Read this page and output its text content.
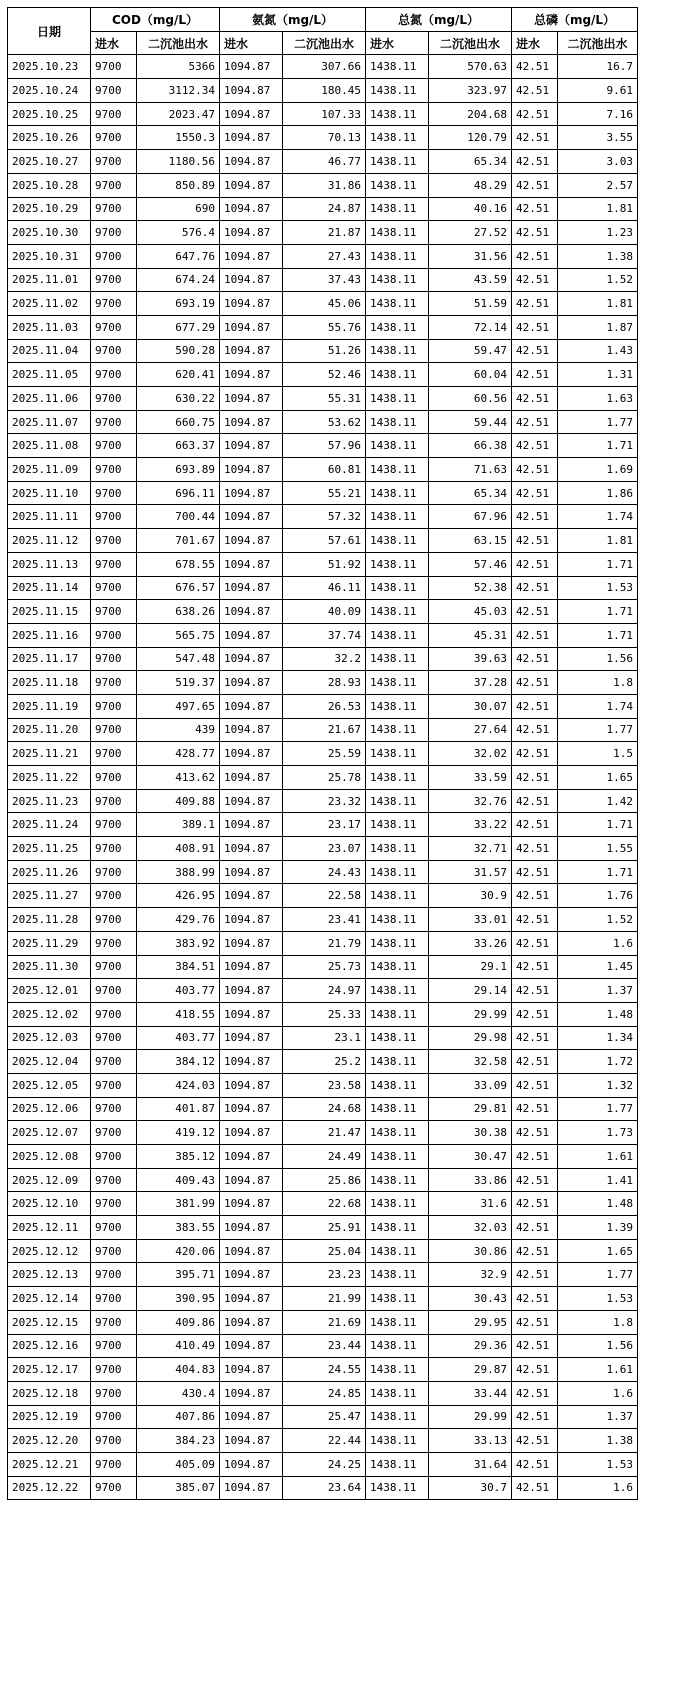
日期	COD（mg/L）		氨氮（mg/L）		总氮（mg/L）		总磷（mg/L）	
	进水	二沉池出水	进水	二沉池出水	进水	二沉池出水	进水	二沉池出水
2025.10.23	9700	5366	1094.87	307.66	1438.11	570.63	42.51	16.7
2025.10.24	9700	3112.34	1094.87	180.45	1438.11	323.97	42.51	9.61
2025.10.25	9700	2023.47	1094.87	107.33	1438.11	204.68	42.51	7.16
2025.10.26	9700	1550.3	1094.87	70.13	1438.11	120.79	42.51	3.55
2025.10.27	9700	1180.56	1094.87	46.77	1438.11	65.34	42.51	3.03
2025.10.28	9700	850.89	1094.87	31.86	1438.11	48.29	42.51	2.57
2025.10.29	9700	690	1094.87	24.87	1438.11	40.16	42.51	1.81
2025.10.30	9700	576.4	1094.87	21.87	1438.11	27.52	42.51	1.23
2025.10.31	9700	647.76	1094.87	27.43	1438.11	31.56	42.51	1.38
2025.11.01	9700	674.24	1094.87	37.43	1438.11	43.59	42.51	1.52
2025.11.02	9700	693.19	1094.87	45.06	1438.11	51.59	42.51	1.81
2025.11.03	9700	677.29	1094.87	55.76	1438.11	72.14	42.51	1.87
2025.11.04	9700	590.28	1094.87	51.26	1438.11	59.47	42.51	1.43
2025.11.05	9700	620.41	1094.87	52.46	1438.11	60.04	42.51	1.31
2025.11.06	9700	630.22	1094.87	55.31	1438.11	60.56	42.51	1.63
2025.11.07	9700	660.75	1094.87	53.62	1438.11	59.44	42.51	1.77
2025.11.08	9700	663.37	1094.87	57.96	1438.11	66.38	42.51	1.71
2025.11.09	9700	693.89	1094.87	60.81	1438.11	71.63	42.51	1.69
2025.11.10	9700	696.11	1094.87	55.21	1438.11	65.34	42.51	1.86
2025.11.11	9700	700.44	1094.87	57.32	1438.11	67.96	42.51	1.74
2025.11.12	9700	701.67	1094.87	57.61	1438.11	63.15	42.51	1.81
2025.11.13	9700	678.55	1094.87	51.92	1438.11	57.46	42.51	1.71
2025.11.14	9700	676.57	1094.87	46.11	1438.11	52.38	42.51	1.53
2025.11.15	9700	638.26	1094.87	40.09	1438.11	45.03	42.51	1.71
2025.11.16	9700	565.75	1094.87	37.74	1438.11	45.31	42.51	1.71
2025.11.17	9700	547.48	1094.87	32.2	1438.11	39.63	42.51	1.56
2025.11.18	9700	519.37	1094.87	28.93	1438.11	37.28	42.51	1.8
2025.11.19	9700	497.65	1094.87	26.53	1438.11	30.07	42.51	1.74
2025.11.20	9700	439	1094.87	21.67	1438.11	27.64	42.51	1.77
2025.11.21	9700	428.77	1094.87	25.59	1438.11	32.02	42.51	1.5
2025.11.22	9700	413.62	1094.87	25.78	1438.11	33.59	42.51	1.65
2025.11.23	9700	409.88	1094.87	23.32	1438.11	32.76	42.51	1.42
2025.11.24	9700	389.1	1094.87	23.17	1438.11	33.22	42.51	1.71
2025.11.25	9700	408.91	1094.87	23.07	1438.11	32.71	42.51	1.55
2025.11.26	9700	388.99	1094.87	24.43	1438.11	31.57	42.51	1.71
2025.11.27	9700	426.95	1094.87	22.58	1438.11	30.9	42.51	1.76
2025.11.28	9700	429.76	1094.87	23.41	1438.11	33.01	42.51	1.52
2025.11.29	9700	383.92	1094.87	21.79	1438.11	33.26	42.51	1.6
2025.11.30	9700	384.51	1094.87	25.73	1438.11	29.1	42.51	1.45
2025.12.01	9700	403.77	1094.87	24.97	1438.11	29.14	42.51	1.37
2025.12.02	9700	418.55	1094.87	25.33	1438.11	29.99	42.51	1.48
2025.12.03	9700	403.77	1094.87	23.1	1438.11	29.98	42.51	1.34
2025.12.04	9700	384.12	1094.87	25.2	1438.11	32.58	42.51	1.72
2025.12.05	9700	424.03	1094.87	23.58	1438.11	33.09	42.51	1.32
2025.12.06	9700	401.87	1094.87	24.68	1438.11	29.81	42.51	1.77
2025.12.07	9700	419.12	1094.87	21.47	1438.11	30.38	42.51	1.73
2025.12.08	9700	385.12	1094.87	24.49	1438.11	30.47	42.51	1.61
2025.12.09	9700	409.43	1094.87	25.86	1438.11	33.86	42.51	1.41
2025.12.10	9700	381.99	1094.87	22.68	1438.11	31.6	42.51	1.48
2025.12.11	9700	383.55	1094.87	25.91	1438.11	32.03	42.51	1.39
2025.12.12	9700	420.06	1094.87	25.04	1438.11	30.86	42.51	1.65
2025.12.13	9700	395.71	1094.87	23.23	1438.11	32.9	42.51	1.77
2025.12.14	9700	390.95	1094.87	21.99	1438.11	30.43	42.51	1.53
2025.12.15	9700	409.86	1094.87	21.69	1438.11	29.95	42.51	1.8
2025.12.16	9700	410.49	1094.87	23.44	1438.11	29.36	42.51	1.56
2025.12.17	9700	404.83	1094.87	24.55	1438.11	29.87	42.51	1.61
2025.12.18	9700	430.4	1094.87	24.85	1438.11	33.44	42.51	1.6
2025.12.19	9700	407.86	1094.87	25.47	1438.11	29.99	42.51	1.37
2025.12.20	9700	384.23	1094.87	22.44	1438.11	33.13	42.51	1.38
2025.12.21	9700	405.09	1094.87	24.25	1438.11	31.64	42.51	1.53
2025.12.22	9700	385.07	1094.87	23.64	1438.11	30.7	42.51	1.6
